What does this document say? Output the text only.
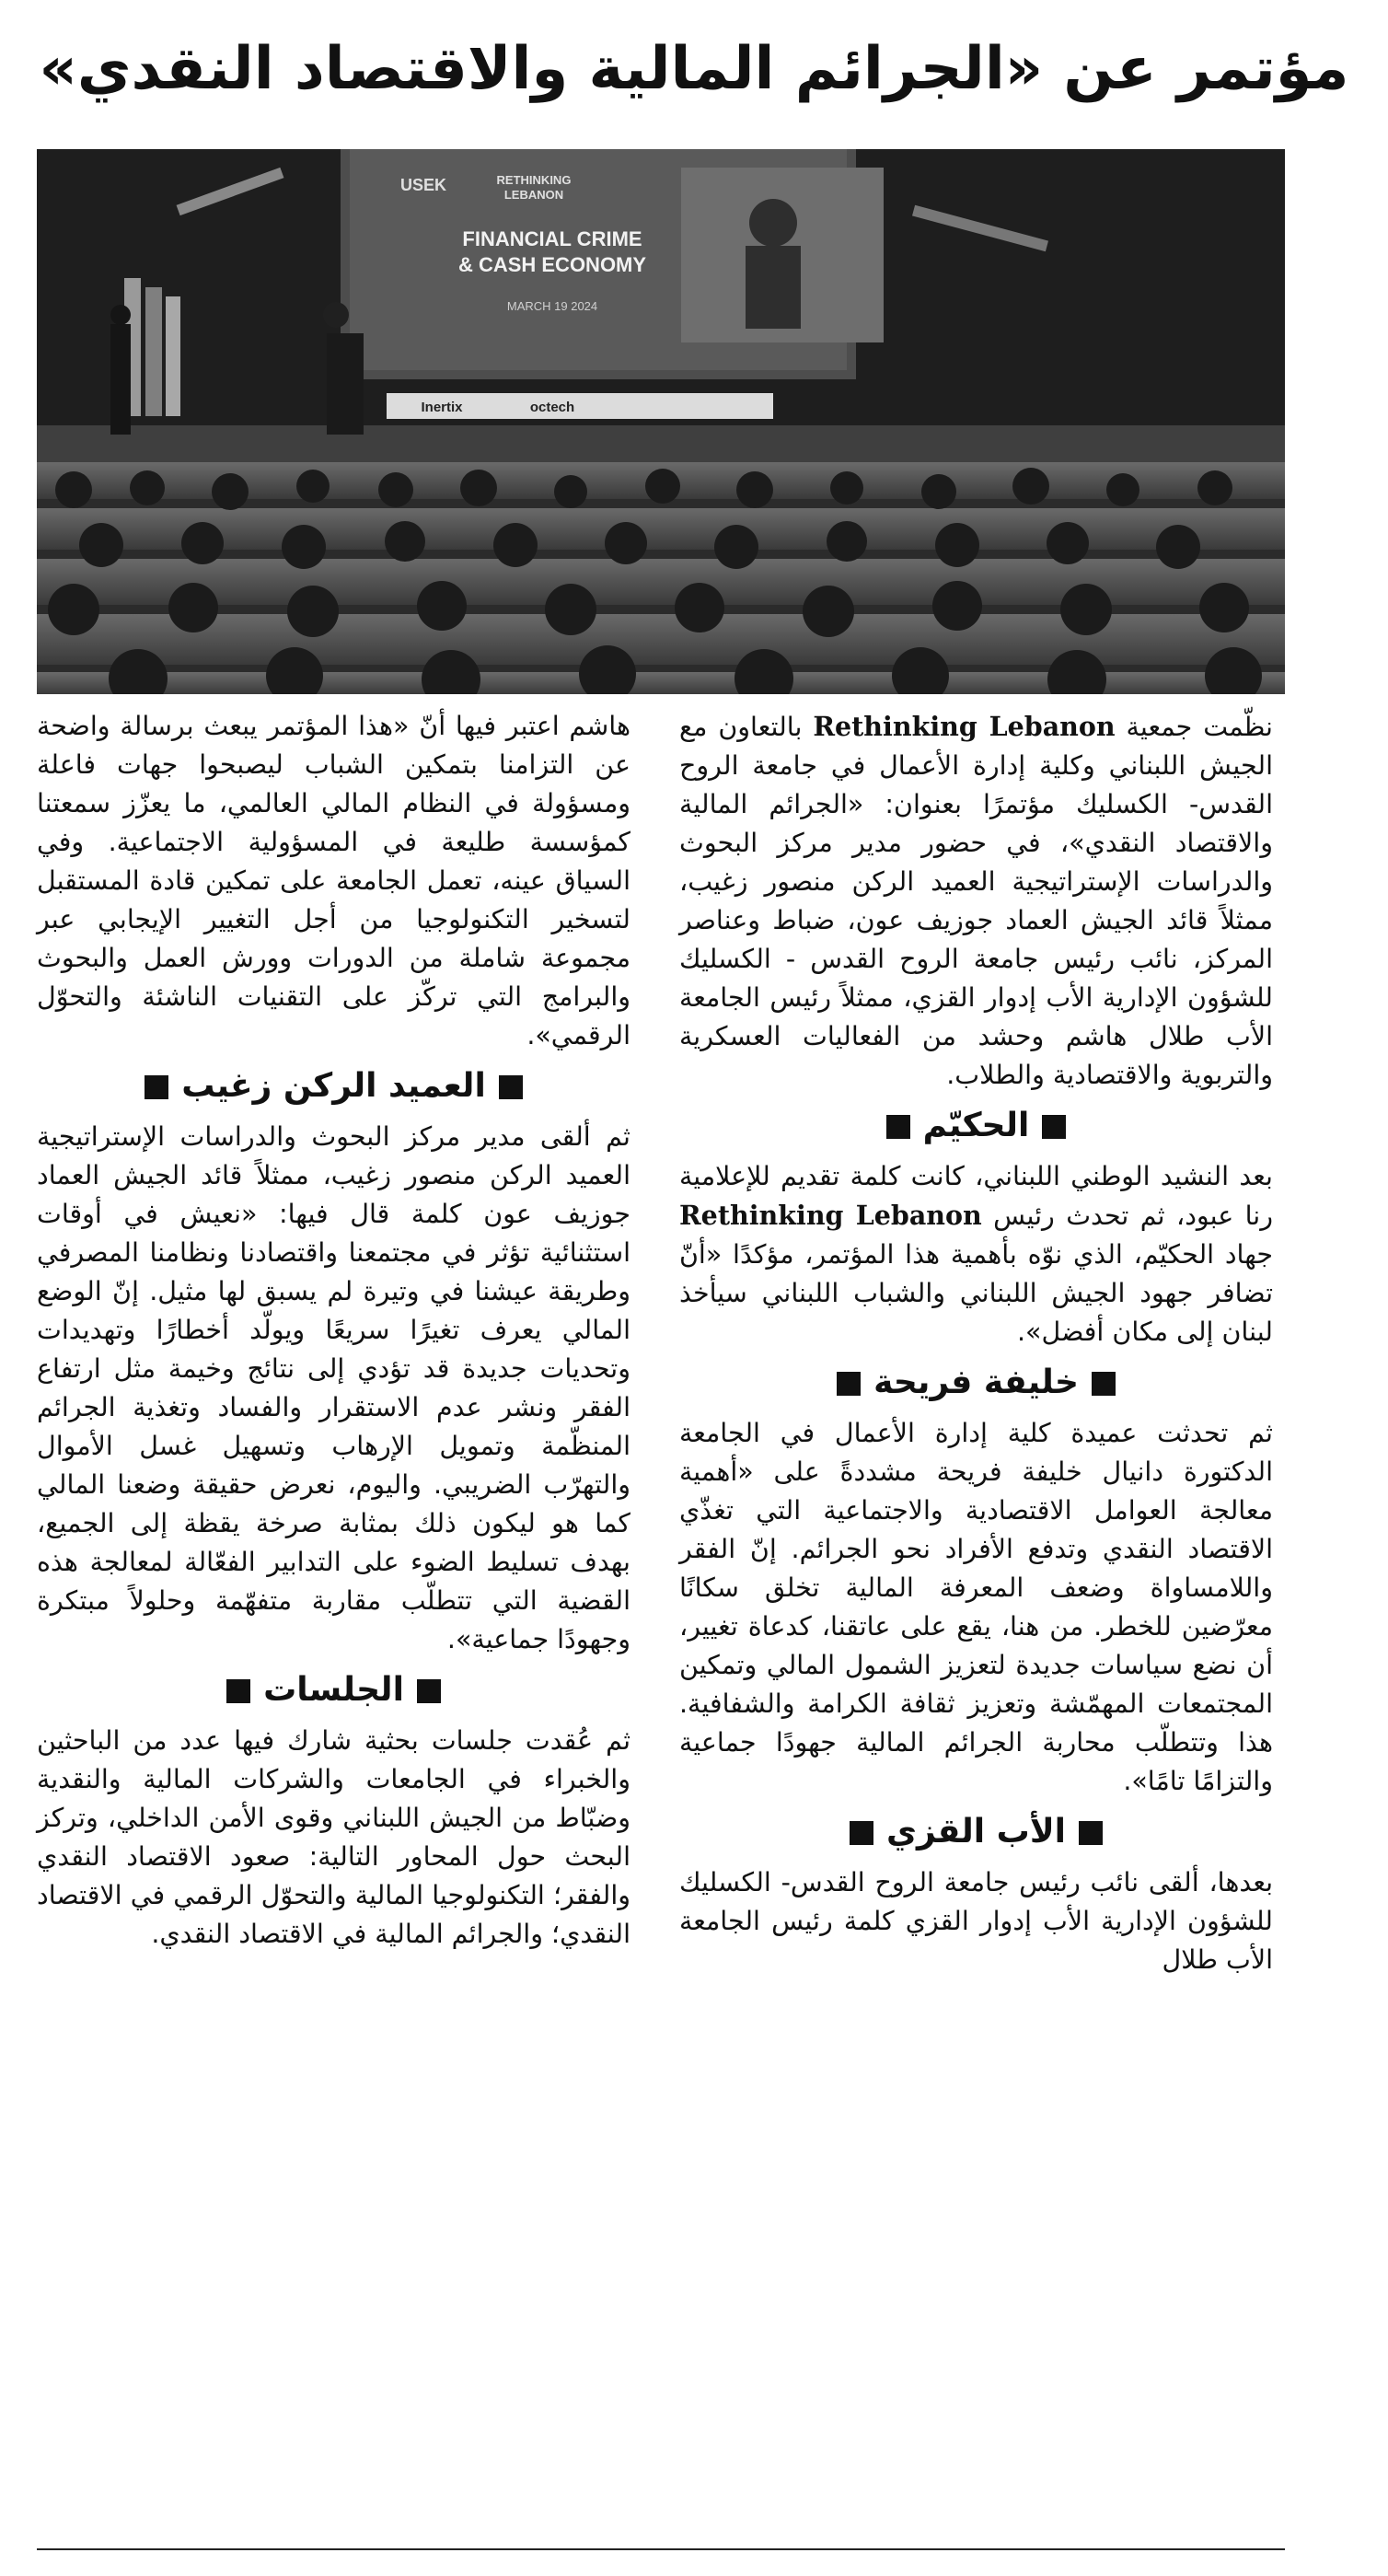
مؤتمر عن «الجرائم المالية والاقتصاد النقدي»
FINANCIAL CRIME
& CASH ECONOMY
MARCH 19 2024
USEK	RETHINKING
LEBANON
Inertix	octech

نظّمت جمعية Rethinking Lebanon بالتعاون مع الجيش اللبناني وكلية إدارة الأعمال في جامعة الروح القدس- الكسليك مؤتمرًا بعنوان: «الجرائم المالية والاقتصاد النقدي»، في حضور مدير مركز البحوث والدراسات الإستراتيجية العميد الركن منصور زغيب، ممثلاً قائد الجيش العماد جوزيف عون، ضباط وعناصر المركز، نائب رئيس جامعة الروح القدس - الكسليك للشؤون الإدارية الأب إدوار القزي، ممثلاً رئيس الجامعة الأب طلال هاشم وحشد من الفعاليات العسكرية والتربوية والاقتصادية والطلاب.

الحكيّم

بعد النشيد الوطني اللبناني، كانت كلمة تقديم للإعلامية رنا عبود، ثم تحدث رئيس Rethinking Lebanon جهاد الحكيّم، الذي نوّه بأهمية هذا المؤتمر، مؤكدًا «أنّ تضافر جهود الجيش اللبناني والشباب اللبناني سيأخذ لبنان إلى مكان أفضل».

خليفة فريحة

ثم تحدثت عميدة كلية إدارة الأعمال في الجامعة الدكتورة دانيال خليفة فريحة مشددةً على «أهمية معالجة العوامل الاقتصادية والاجتماعية التي تغذّي الاقتصاد النقدي وتدفع الأفراد نحو الجرائم. إنّ الفقر واللامساواة وضعف المعرفة المالية تخلق سكانًا معرّضين للخطر. من هنا، يقع على عاتقنا، كدعاة تغيير، أن نضع سياسات جديدة لتعزيز الشمول المالي وتمكين المجتمعات المهمّشة وتعزيز ثقافة الكرامة والشفافية. هذا وتتطلّب محاربة الجرائم المالية جهودًا جماعية والتزامًا تامًا».

الأب القزي

بعدها، ألقى نائب رئيس جامعة الروح القدس- الكسليك للشؤون الإدارية الأب إدوار القزي كلمة رئيس الجامعة الأب طلال

هاشم اعتبر فيها أنّ «هذا المؤتمر يبعث برسالة واضحة عن التزامنا بتمكين الشباب ليصبحوا جهات فاعلة ومسؤولة في النظام المالي العالمي، ما يعزّز سمعتنا كمؤسسة طليعة في المسؤولية الاجتماعية. وفي السياق عينه، تعمل الجامعة على تمكين قادة المستقبل لتسخير التكنولوجيا من أجل التغيير الإيجابي عبر مجموعة شاملة من الدورات وورش العمل والبحوث والبرامج التي تركّز على التقنيات الناشئة والتحوّل الرقمي».

العميد الركن زغيب

ثم ألقى مدير مركز البحوث والدراسات الإستراتيجية العميد الركن منصور زغيب، ممثلاً قائد الجيش العماد جوزيف عون كلمة قال فيها: «نعيش في أوقات استثنائية تؤثر في مجتمعنا واقتصادنا ونظامنا المصرفي وطريقة عيشنا في وتيرة لم يسبق لها مثيل. إنّ الوضع المالي يعرف تغيرًا سريعًا ويولّد أخطارًا وتهديدات وتحديات جديدة قد تؤدي إلى نتائج وخيمة مثل ارتفاع الفقر ونشر عدم الاستقرار والفساد وتغذية الجرائم المنظّمة وتمويل الإرهاب وتسهيل غسل الأموال والتهرّب الضريبي. واليوم، نعرض حقيقة وضعنا المالي كما هو ليكون ذلك بمثابة صرخة يقظة إلى الجميع، بهدف تسليط الضوء على التدابير الفعّالة لمعالجة هذه القضية التي تتطلّب مقاربة متفهّمة وحلولاً مبتكرة وجهودًا جماعية».

الجلسات

ثم عُقدت جلسات بحثية شارك فيها عدد من الباحثين والخبراء في الجامعات والشركات المالية والنقدية وضبّاط من الجيش اللبناني وقوى الأمن الداخلي، وتركز البحث حول المحاور التالية: صعود الاقتصاد النقدي والفقر؛ التكنولوجيا المالية والتحوّل الرقمي في الاقتصاد النقدي؛ والجرائم المالية في الاقتصاد النقدي.
